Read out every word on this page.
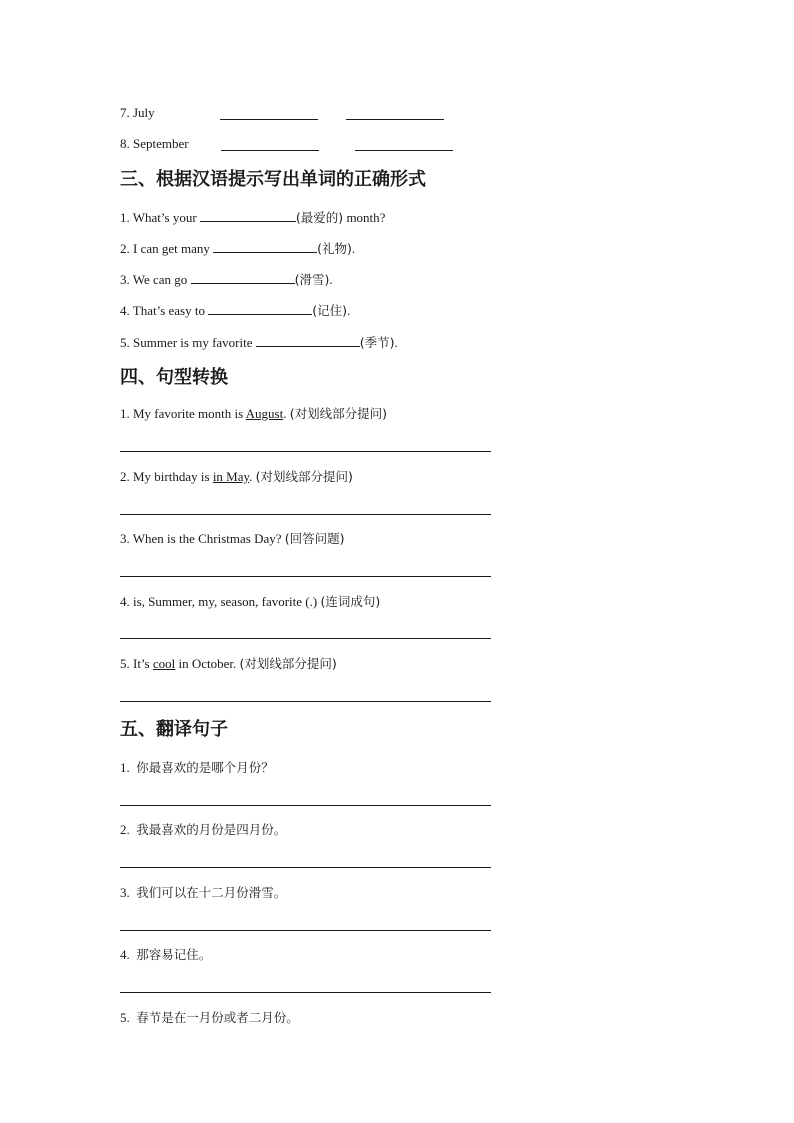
7. July
8. September
三、根据汉语提示写出单词的正确形式
1. What’s your	(最爱的) month?
2. I can get many	(礼物).
3. We can go	(滑雪).
4. That’s easy to	(记住).
5. Summer is my favorite	(季节).
四、句型转换
1. My favorite month is August. (对划线部分提问)
2. My birthday is in May. (对划线部分提问)
3. When is the Christmas Day? (回答问题)
4. is, Summer, my, season, favorite (.) (连词成句)
5. It’s cool in October. (对划线部分提问)
五、翻译句子
1. 你最喜欢的是哪个月份？
2. 我最喜欢的月份是四月份。
3. 我们可以在十二月份滑雪。
4. 那容易记住。
5. 春节是在一月份或者二月份。
